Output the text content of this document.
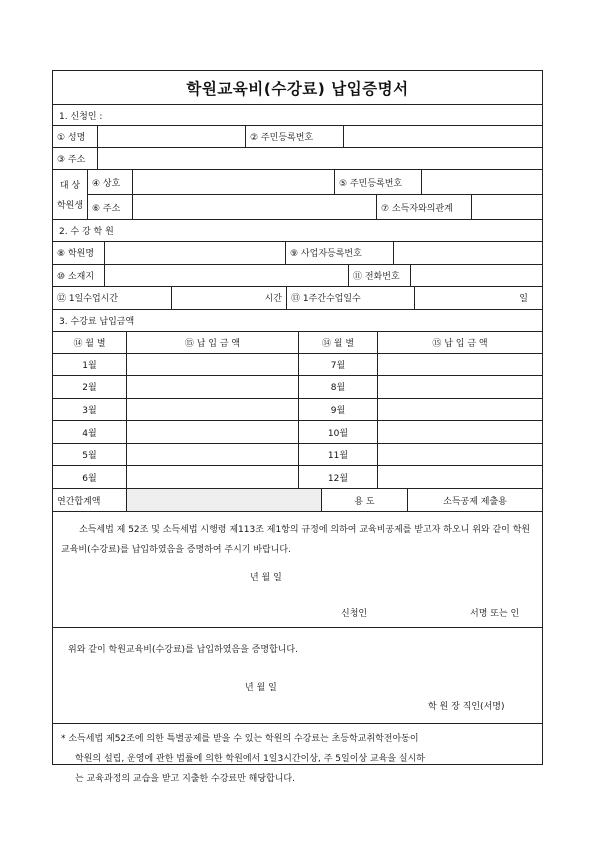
학원교육비(수강료) 납입증명서
1. 신청인 :
① 성명	② 주민등록번호
③ 주소
대 상
학원생
④ 상호	⑤ 주민등록번호
⑥ 주소	⑦ 소득자와의관계
2. 수 강 학 원
⑧ 학원명	⑨ 사업자등록번호
⑩ 소재지	⑪ 전화번호
⑫ 1일수업시간	시간	⑬ 1주간수업일수	일
3. 수강료 납입금액
⑭ 월 별	⑮ 납 입 금 액	⑭ 월 별	⑮ 납 입 금 액
1월	7월
2월	8월
3월	9월
4월	10월
5월	11월
6월	12월
연간합계액	용 도	소득공제 제출용
소득세법 제 52조 및 소득세법 시행령 제113조 제1항의 규정에 의하여 교육비공제를 받고자 하오니 위와 같이 학원교육비(수강료)를 납입하였음을 증명하여 주시기 바랍니다.
년 월 일
신청인	서명 또는 인
위와 같이 학원교육비(수강료)를 납입하였음을 증명합니다.
년 월 일
학 원 장 직인(서명)
* 소득세법 제52조에 의한 특별공제를 받을 수 있는 학원의 수강료는 초등학교취학전아동이
학원의 설립, 운영에 관한 법률에 의한 학원에서 1일3시간이상, 주 5일이상 교육을 실시하
는 교육과정의 교습을 받고 지출한 수강료만 해당합니다.
